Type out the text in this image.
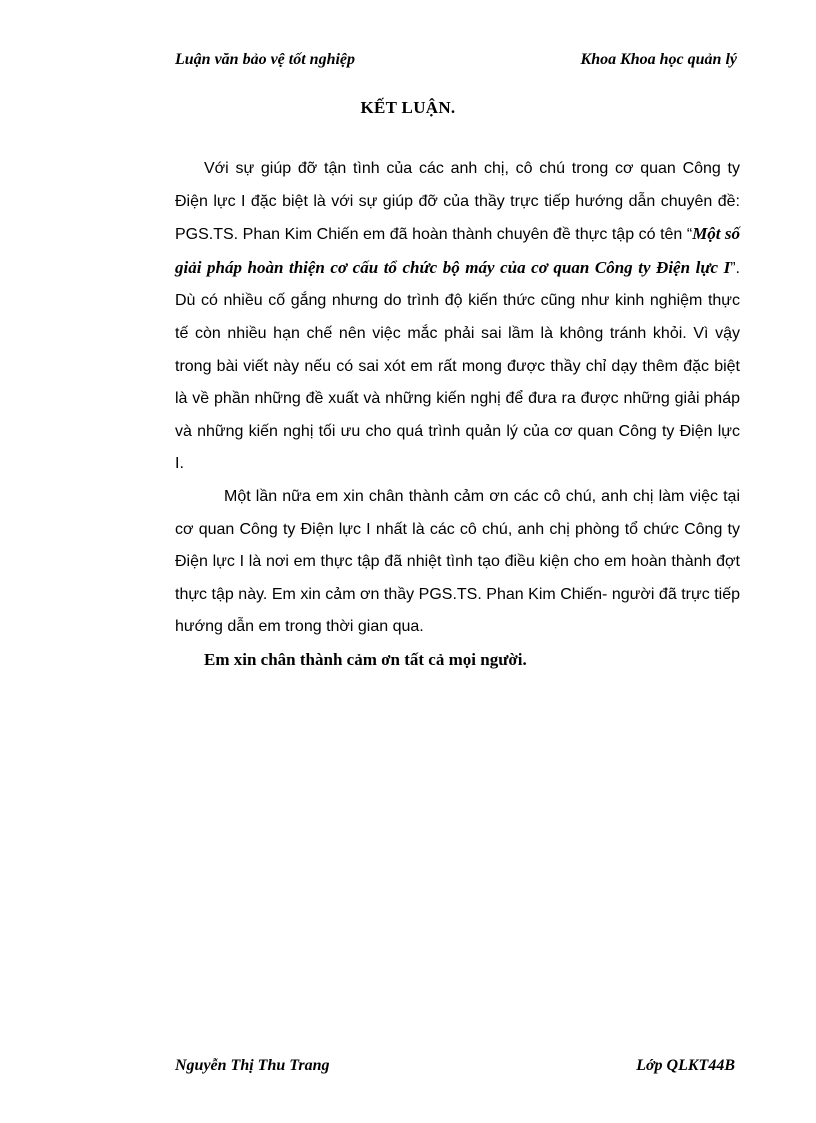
Luận văn bảo vệ tốt nghiệp	Khoa Khoa học quản lý
KẾT LUẬN.

Với sự giúp đỡ tận tình của các anh chị, cô chú trong cơ quan Công ty Điện lực I đặc biệt là với sự giúp đỡ của thầy trực tiếp hướng dẫn chuyên đề: PGS.TS. Phan Kim Chiến em đã hoàn thành chuyên đề thực tập có tên “Một số giải pháp hoàn thiện cơ cấu tổ chức bộ máy của cơ quan Công ty Điện lực I”. Dù có nhiều cố gắng nhưng do trình độ kiến thức cũng như kinh nghiệm thực tế còn nhiều hạn chế nên việc mắc phải sai lầm là không tránh khỏi. Vì vậy trong bài viết này nếu có sai xót em rất mong được thầy chỉ dạy thêm đặc biệt là về phần những đề xuất và những kiến nghị để đưa ra được những giải pháp và những kiến nghị tối ưu cho quá trình quản lý của cơ quan Công ty Điện lực I.

Một lần nữa em xin chân thành cảm ơn các cô chú, anh chị làm việc tại cơ quan Công ty Điện lực I nhất là các cô chú, anh chị phòng tổ chức Công ty Điện lực I là nơi em thực tập đã nhiệt tình tạo điều kiện cho em hoàn thành đợt thực tập này. Em xin cảm ơn thầy PGS.TS. Phan Kim Chiến- người đã trực tiếp hướng dẫn em trong thời gian qua.

Em xin chân thành cảm ơn tất cả mọi người.

Nguyễn Thị Thu Trang	Lớp QLKT44B
